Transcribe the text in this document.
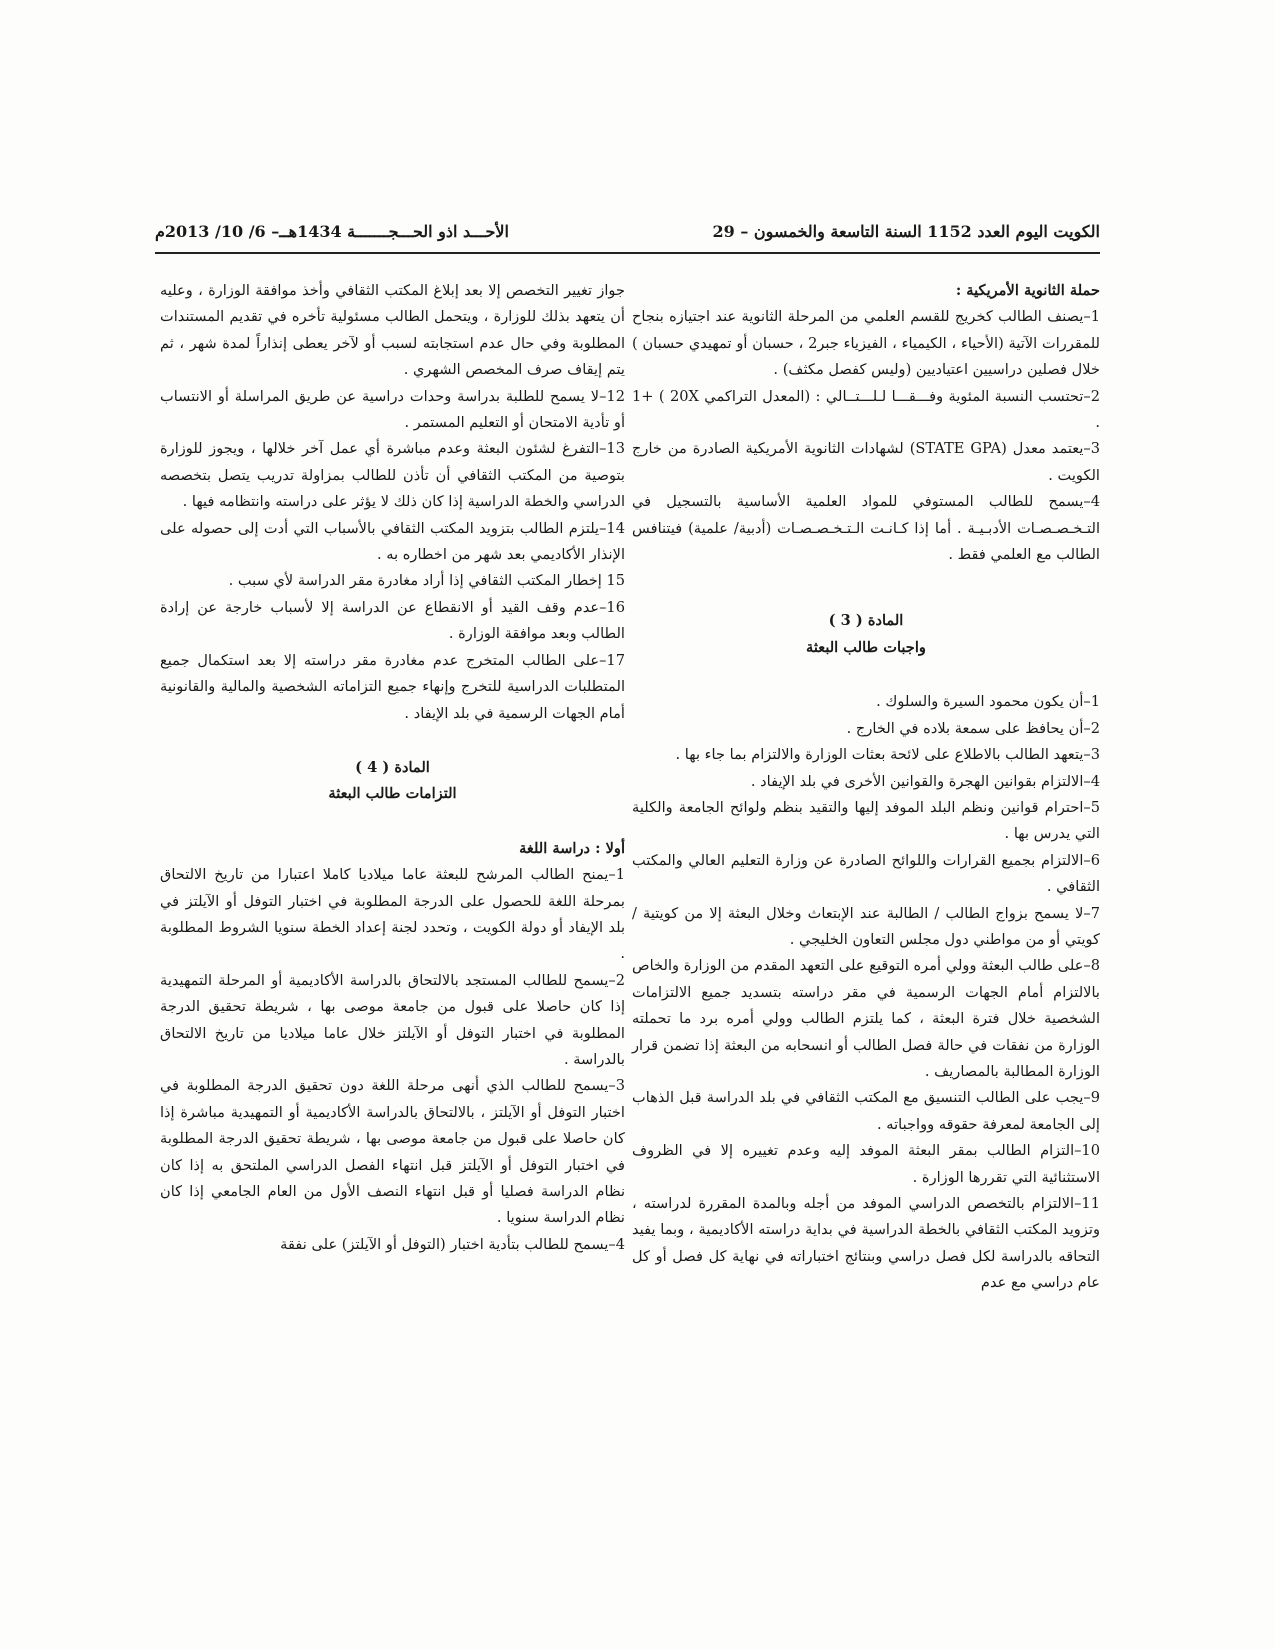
الكويت اليوم العدد 1152 السنة التاسعة والخمسون – 29
الأحـــد اذو الحـــجـــــــة 1434هــ– 6/ 10/ 2013م

حملة الثانوية الأمريكية :

1–يصنف الطالب كخريج للقسم العلمي من المرحلة الثانوية عند اجتيازه بنجاح للمقررات الآتية (الأحياء ، الكيمياء ، الفيزياء جبر2 ، حسبان أو تمهيدي حسبان ) خلال فصلين دراسيين اعتياديين (وليس كفصل مكثف) .

2–تحتسب النسبة المئوية وفـــقـــا لـلـــتــالي : (المعدل التراكمي 20X ) +1 .

3–يعتمد معدل (STATE GPA) لشهادات الثانوية الأمريكية الصادرة من خارج الكويت .

4–يسمح للطالب المستوفي للمواد العلمية الأساسية بالتسجيل في التـخـصـصـات الأدبـيـة . أما إذا كـانـت الـتـخـصـصـات (أدبية/ علمية) فيتنافس الطالب مع العلمي فقط .

المادة ( 3 )

واجبات طالب البعثة

1–أن يكون محمود السيرة والسلوك .

2–أن يحافظ على سمعة بلاده في الخارج .

3–يتعهد الطالب بالاطلاع على لائحة بعثات الوزارة والالتزام بما جاء بها .

4–الالتزام بقوانين الهجرة والقوانين الأخرى في بلد الإيفاد .

5–احترام قوانين ونظم البلد الموفد إليها والتقيد بنظم ولوائح الجامعة والكلية التي يدرس بها .

6–الالتزام بجميع القرارات واللوائح الصادرة عن وزارة التعليم العالي والمكتب الثقافي .

7–لا يسمح بزواج الطالب / الطالبة عند الإبتعاث وخلال البعثة إلا من كويتية / كويتي أو من مواطني دول مجلس التعاون الخليجي .

8–على طالب البعثة وولي أمره التوقيع على التعهد المقدم من الوزارة والخاص بالالتزام أمام الجهات الرسمية في مقر دراسته بتسديد جميع الالتزامات الشخصية خلال فترة البعثة ، كما يلتزم الطالب وولي أمره برد ما تحملته الوزارة من نفقات في حالة فصل الطالب أو انسحابه من البعثة إذا تضمن قرار الوزارة المطالبة بالمصاريف .

9–يجب على الطالب التنسيق مع المكتب الثقافي في بلد الدراسة قبل الذهاب إلى الجامعة لمعرفة حقوقه وواجباته .

10–التزام الطالب بمقر البعثة الموفد إليه وعدم تغييره إلا في الظروف الاستثنائية التي تقررها الوزارة .

11–الالتزام بالتخصص الدراسي الموفد من أجله وبالمدة المقررة لدراسته ، وتزويد المكتب الثقافي بالخطة الدراسية في بداية دراسته الأكاديمية ، وبما يفيد التحاقه بالدراسة لكل فصل دراسي وبنتائج اختباراته في نهاية كل فصل أو كل عام دراسي مع عدم

جواز تغيير التخصص إلا بعد إبلاغ المكتب الثقافي وأخذ موافقة الوزارة ، وعليه أن يتعهد بذلك للوزارة ، ويتحمل الطالب مسئولية تأخره في تقديم المستندات المطلوبة وفي حال عدم استجابته لسبب أو لآخر يعطى إنذاراً لمدة شهر ، ثم يتم إيقاف صرف المخصص الشهري .

12–لا يسمح للطلبة بدراسة وحدات دراسية عن طريق المراسلة أو الانتساب أو تأدية الامتحان أو التعليم المستمر .

13–التفرغ لشئون البعثة وعدم مباشرة أي عمل آخر خلالها ، ويجوز للوزارة بتوصية من المكتب الثقافي أن تأذن للطالب بمزاولة تدريب يتصل بتخصصه الدراسي والخطة الدراسية إذا كان ذلك لا يؤثر على دراسته وانتظامه فيها .

14–يلتزم الطالب بتزويد المكتب الثقافي بالأسباب التي أدت إلى حصوله على الإنذار الأكاديمي بعد شهر من اخطاره به .

15 إخطار المكتب الثقافي إذا أراد مغادرة مقر الدراسة لأي سبب .

16–عدم وقف القيد أو الانقطاع عن الدراسة إلا لأسباب خارجة عن إرادة الطالب وبعد موافقة الوزارة .

17–على الطالب المتخرج عدم مغادرة مقر دراسته إلا بعد استكمال جميع المتطلبات الدراسية للتخرج وإنهاء جميع التزاماته الشخصية والمالية والقانونية أمام الجهات الرسمية في بلد الإيفاد .

المادة ( 4 )

التزامات طالب البعثة

أولا : دراسة اللغة

1–يمنح الطالب المرشح للبعثة عاما ميلاديا كاملا اعتبارا من تاريخ الالتحاق بمرحلة اللغة للحصول على الدرجة المطلوبة في اختبار التوفل أو الآيلتز في بلد الإيفاد أو دولة الكويت ، وتحدد لجنة إعداد الخطة سنويا الشروط المطلوبة .

2–يسمح للطالب المستجد بالالتحاق بالدراسة الأكاديمية أو المرحلة التمهيدية إذا كان حاصلا على قبول من جامعة موصى بها ، شريطة تحقيق الدرجة المطلوبة في اختبار التوفل أو الآيلتز خلال عاما ميلاديا من تاريخ الالتحاق بالدراسة .

3–يسمح للطالب الذي أنهى مرحلة اللغة دون تحقيق الدرجة المطلوبة في اختبار التوفل أو الآيلتز ، بالالتحاق بالدراسة الأكاديمية أو التمهيدية مباشرة إذا كان حاصلا على قبول من جامعة موصى بها ، شريطة تحقيق الدرجة المطلوبة في اختبار التوفل أو الآيلتز قبل انتهاء الفصل الدراسي الملتحق به إذا كان نظام الدراسة فصليا أو قبل انتهاء النصف الأول من العام الجامعي إذا كان نظام الدراسة سنويا .

4–يسمح للطالب بتأدية اختبار (التوفل أو الآيلتز) على نفقة
